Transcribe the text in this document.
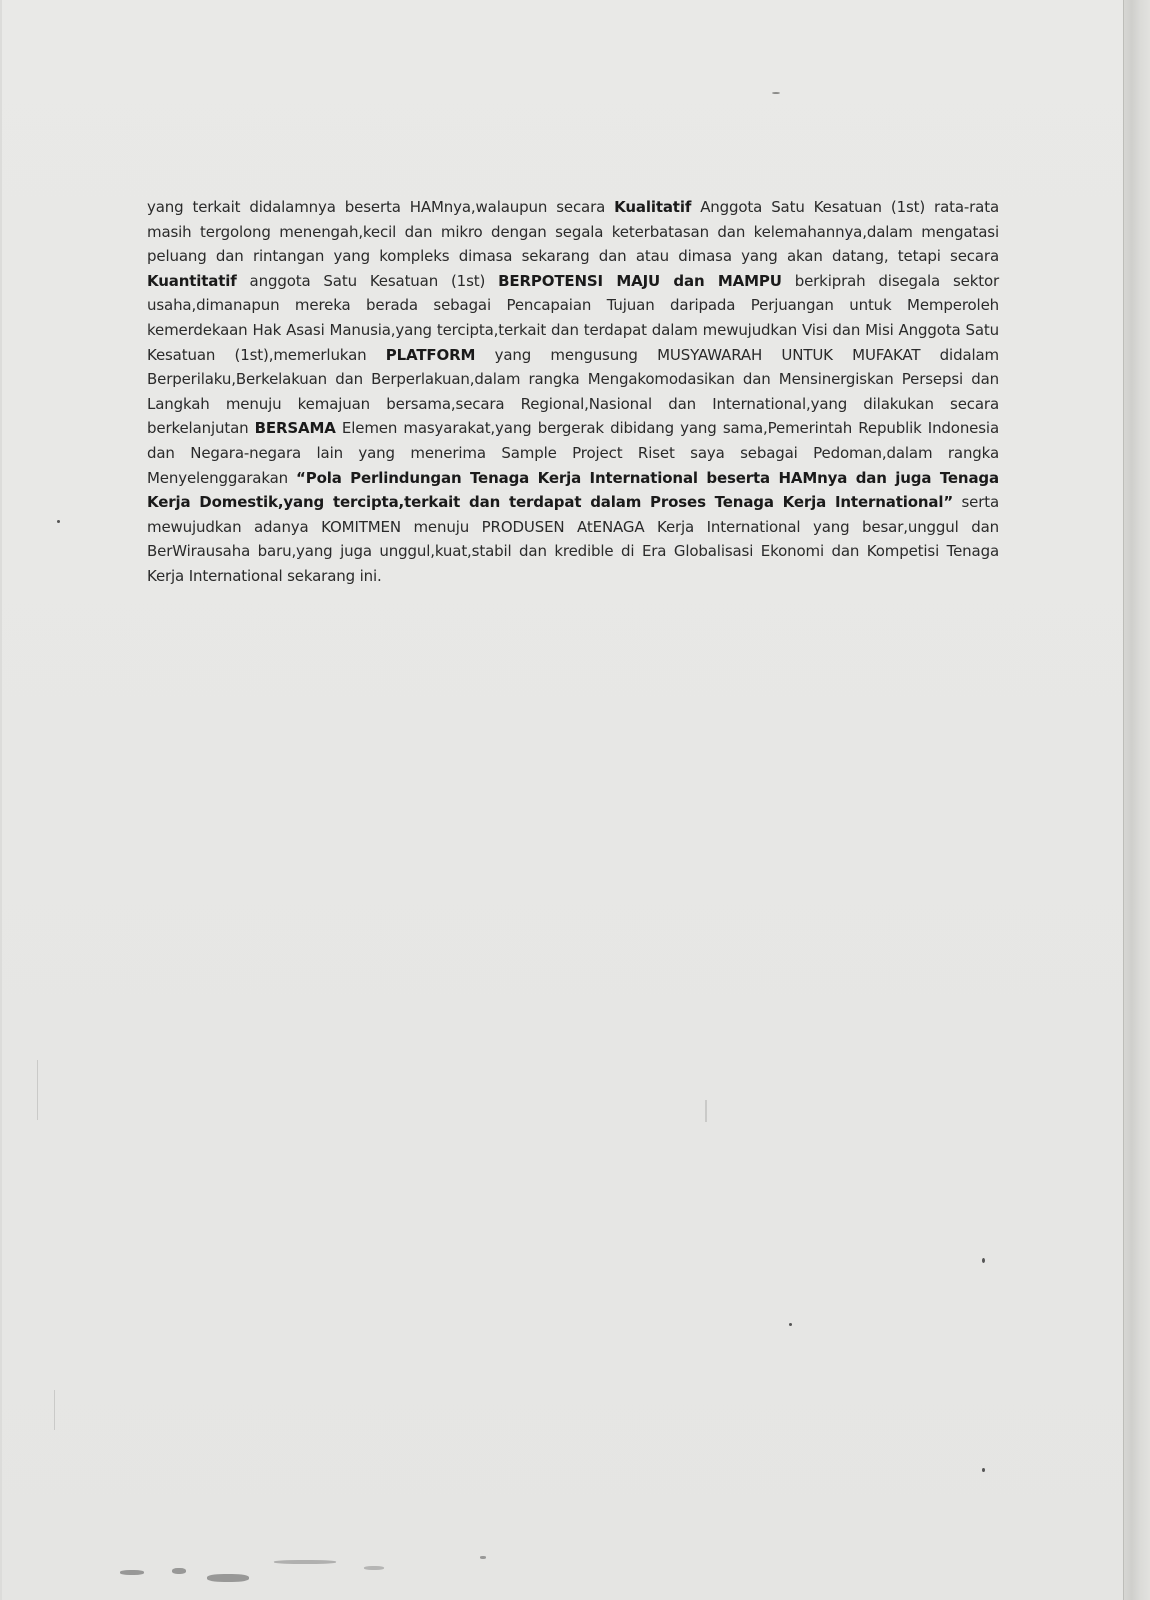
yang terkait didalamnya beserta HAMnya,walaupun secara Kualitatif Anggota Satu Kesatuan (1st) rata-rata masih tergolong menengah,kecil dan mikro dengan segala keterbatasan dan kelemahannya,dalam mengatasi peluang dan rintangan yang kompleks dimasa sekarang dan atau dimasa yang akan datang, tetapi secara Kuantitatif anggota Satu Kesatuan (1st) BERPOTENSI MAJU dan MAMPU berkiprah disegala sektor usaha,dimanapun mereka berada sebagai Pencapaian Tujuan daripada Perjuangan untuk Memperoleh kemerdekaan Hak Asasi Manusia,yang tercipta,terkait dan terdapat dalam mewujudkan Visi dan Misi Anggota Satu Kesatuan (1st),memerlukan PLATFORM yang mengusung MUSYAWARAH UNTUK MUFAKAT didalam Berperilaku,Berkelakuan dan Berperlakuan,dalam rangka Mengakomodasikan dan Mensinergiskan Persepsi dan Langkah menuju kemajuan bersama,secara Regional,Nasional dan International,yang dilakukan secara berkelanjutan BERSAMA Elemen masyarakat,yang bergerak dibidang yang sama,Pemerintah Republik Indonesia dan Negara-negara lain yang menerima Sample Project Riset saya sebagai Pedoman,dalam rangka Menyelenggarakan “Pola Perlindungan Tenaga Kerja International beserta HAMnya dan juga Tenaga Kerja Domestik,yang tercipta,terkait dan terdapat dalam Proses Tenaga Kerja International” serta mewujudkan adanya KOMITMEN menuju PRODUSEN AtENAGA Kerja International yang besar,unggul dan BerWirausaha baru,yang juga unggul,kuat,stabil dan kredible di Era Globalisasi Ekonomi dan Kompetisi Tenaga Kerja International sekarang ini.
